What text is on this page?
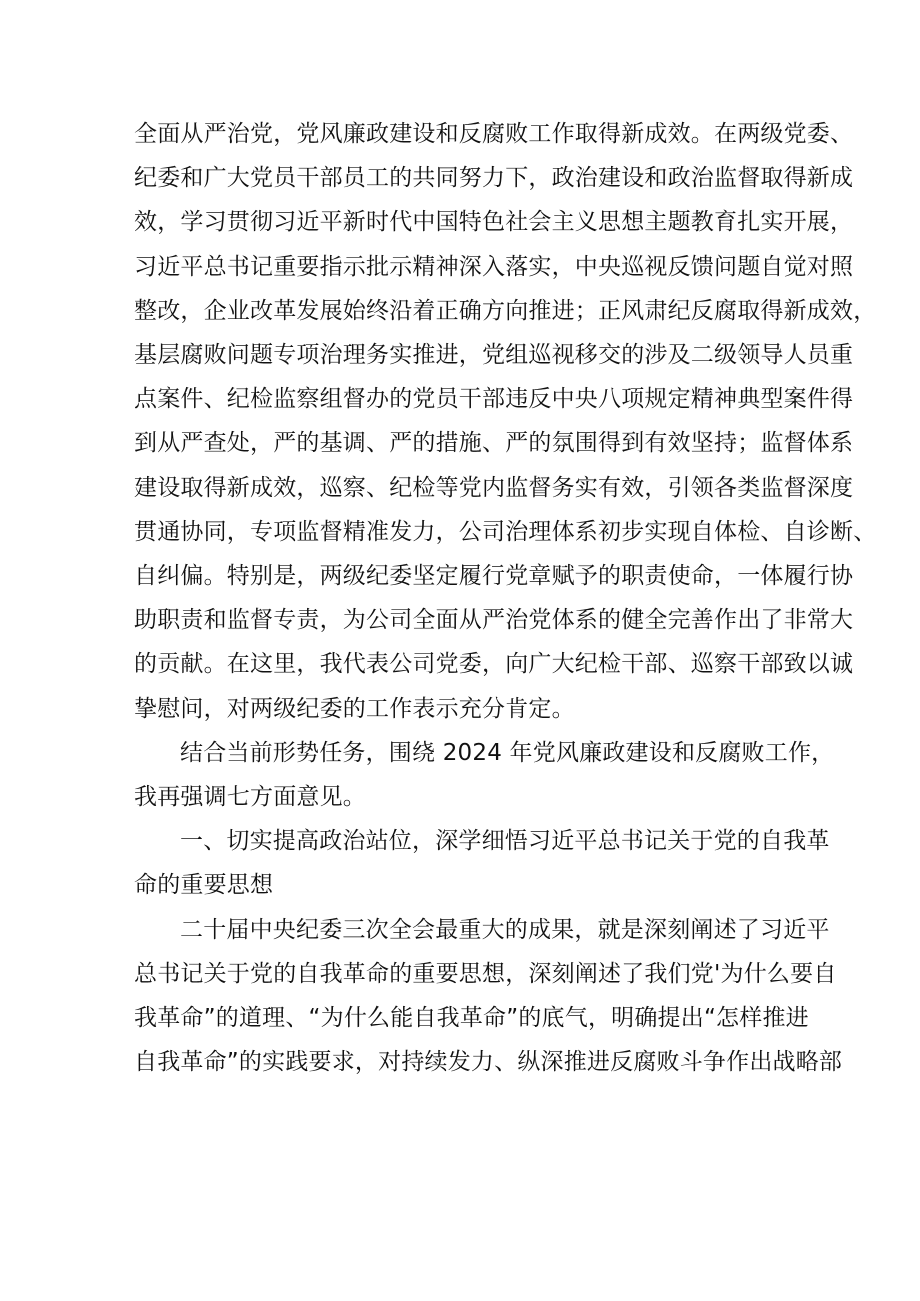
全面从严治党，党风廉政建设和反腐败工作取得新成效。在两级党委、
纪委和广大党员干部员工的共同努力下，政治建设和政治监督取得新成
效，学习贯彻习近平新时代中国特色社会主义思想主题教育扎实开展，
习近平总书记重要指示批示精神深入落实，中央巡视反馈问题自觉对照
整改，企业改革发展始终沿着正确方向推进；正风肃纪反腐取得新成效，
基层腐败问题专项治理务实推进，党组巡视移交的涉及二级领导人员重
点案件、纪检监察组督办的党员干部违反中央八项规定精神典型案件得
到从严查处，严的基调、严的措施、严的氛围得到有效坚持；监督体系
建设取得新成效，巡察、纪检等党内监督务实有效，引领各类监督深度
贯通协同，专项监督精准发力，公司治理体系初步实现自体检、自诊断、
自纠偏。特别是，两级纪委坚定履行党章赋予的职责使命，一体履行协
助职责和监督专责，为公司全面从严治党体系的健全完善作出了非常大
的贡献。在这里，我代表公司党委，向广大纪检干部、巡察干部致以诚
挚慰问，对两级纪委的工作表示充分肯定。
结合当前形势任务，围绕 2024 年党风廉政建设和反腐败工作，
我再强调七方面意见。
一、切实提高政治站位，深学细悟习近平总书记关于党的自我革
命的重要思想
二十届中央纪委三次全会最重大的成果，就是深刻阐述了习近平
总书记关于党的自我革命的重要思想，深刻阐述了我们党'为什么要自
我革命”的道理、“为什么能自我革命”的底气，明确提出“怎样推进
自我革命”的实践要求，对持续发力、纵深推进反腐败斗争作出战略部
